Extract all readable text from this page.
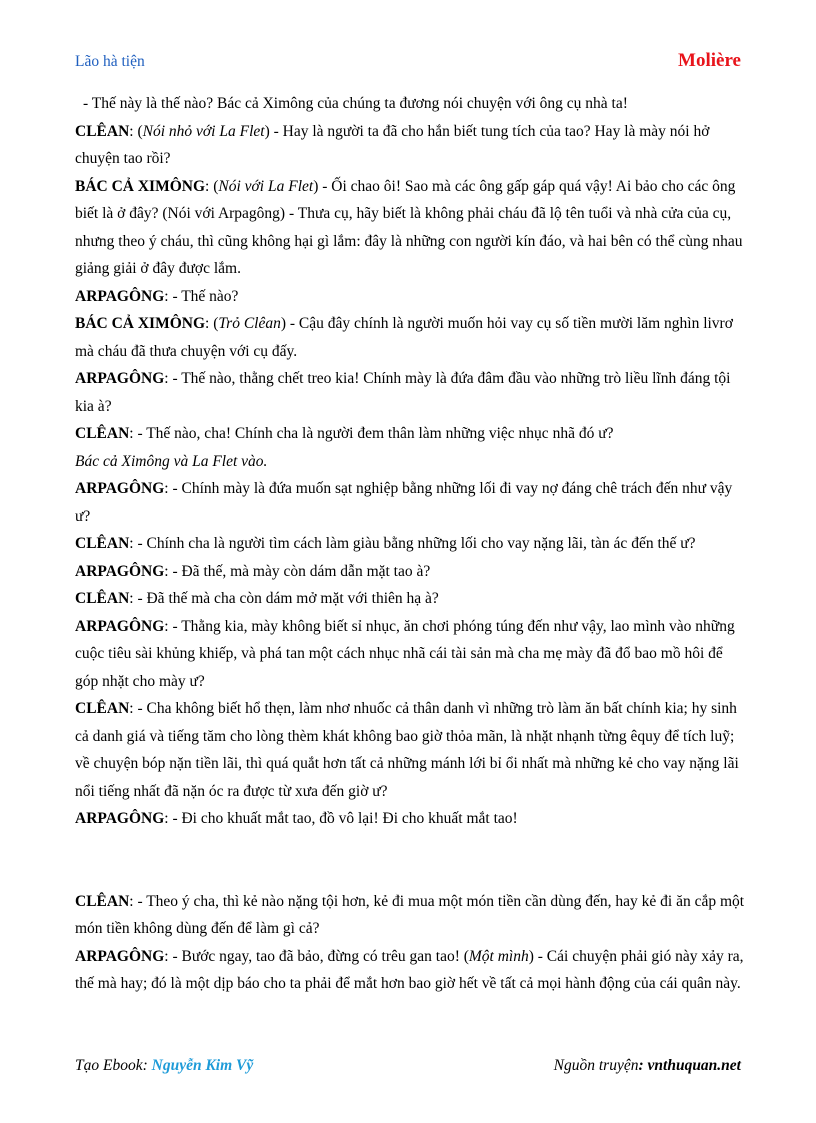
Lão hà tiện	Molière

- Thế này là thế nào? Bác cả Ximông của chúng ta đương nói chuyện với ông cụ nhà ta!

CLÊAN: (Nói nhỏ với La Flet) - Hay là người ta đã cho hắn biết tung tích của tao? Hay là mày nói hở chuyện tao rồi?

BÁC CẢ XIMÔNG: (Nói với La Flet) - Ối chao ôi! Sao mà các ông gấp gáp quá vậy! Ai bảo cho các ông biết là ở đây? (Nói với Arpagông) - Thưa cụ, hãy biết là không phải cháu đã lộ tên tuổi và nhà cửa của cụ, nhưng theo ý cháu, thì cũng không hại gì lắm: đây là những con người kín đáo, và hai bên có thể cùng nhau giảng giải ở đây được lắm.

ARPAGÔNG: - Thế nào?

BÁC CẢ XIMÔNG: (Trỏ Clêan) - Cậu đây chính là người muốn hỏi vay cụ số tiền mười lăm nghìn livrơ mà cháu đã thưa chuyện với cụ đấy.

ARPAGÔNG: - Thế nào, thằng chết treo kia! Chính mày là đứa đâm đầu vào những trò liều lĩnh đáng tội kia à?

CLÊAN: - Thế nào, cha! Chính cha là người đem thân làm những việc nhục nhã đó ư?

Bác cả Ximông và La Flet vào.

ARPAGÔNG: - Chính mày là đứa muốn sạt nghiệp bằng những lối đi vay nợ đáng chê trách đến như vậy ư?

CLÊAN: - Chính cha là người tìm cách làm giàu bằng những lối cho vay nặng lãi, tàn ác đến thế ư?

ARPAGÔNG: - Đã thế, mà mày còn dám dẫn mặt tao à?

CLÊAN: - Đã thế mà cha còn dám mở mặt với thiên hạ à?

ARPAGÔNG: - Thằng kia, mày không biết sỉ nhục, ăn chơi phóng túng đến như vậy, lao mình vào những cuộc tiêu sài khủng khiếp, và phá tan một cách nhục nhã cái tài sản mà cha mẹ mày đã đổ bao mồ hôi để góp nhặt cho mày ư?

CLÊAN: - Cha không biết hổ thẹn, làm nhơ nhuốc cả thân danh vì những trò làm ăn bất chính kia; hy sinh cả danh giá và tiếng tăm cho lòng thèm khát không bao giờ thỏa mãn, là nhặt nhạnh từng êquy để tích luỹ; về chuyện bóp nặn tiền lãi, thì quá quắt hơn tất cả những mánh lới bỉ ổi nhất mà những kẻ cho vay nặng lãi nổi tiếng nhất đã nặn óc ra được từ xưa đến giờ ư?

ARPAGÔNG: - Đi cho khuất mắt tao, đồ vô lại! Đi cho khuất mắt tao!

CLÊAN: - Theo ý cha, thì kẻ nào nặng tội hơn, kẻ đi mua một món tiền cần dùng đến, hay kẻ đi ăn cắp một món tiền không dùng đến để làm gì cả?

ARPAGÔNG: - Bước ngay, tao đã bảo, đừng có trêu gan tao! (Một mình) - Cái chuyện phải gió này xảy ra, thế mà hay; đó là một dịp báo cho ta phải để mắt hơn bao giờ hết về tất cả mọi hành động của cái quân này.

Tạo Ebook: Nguyễn Kim Vỹ	Nguồn truyện: vnthuquan.net
